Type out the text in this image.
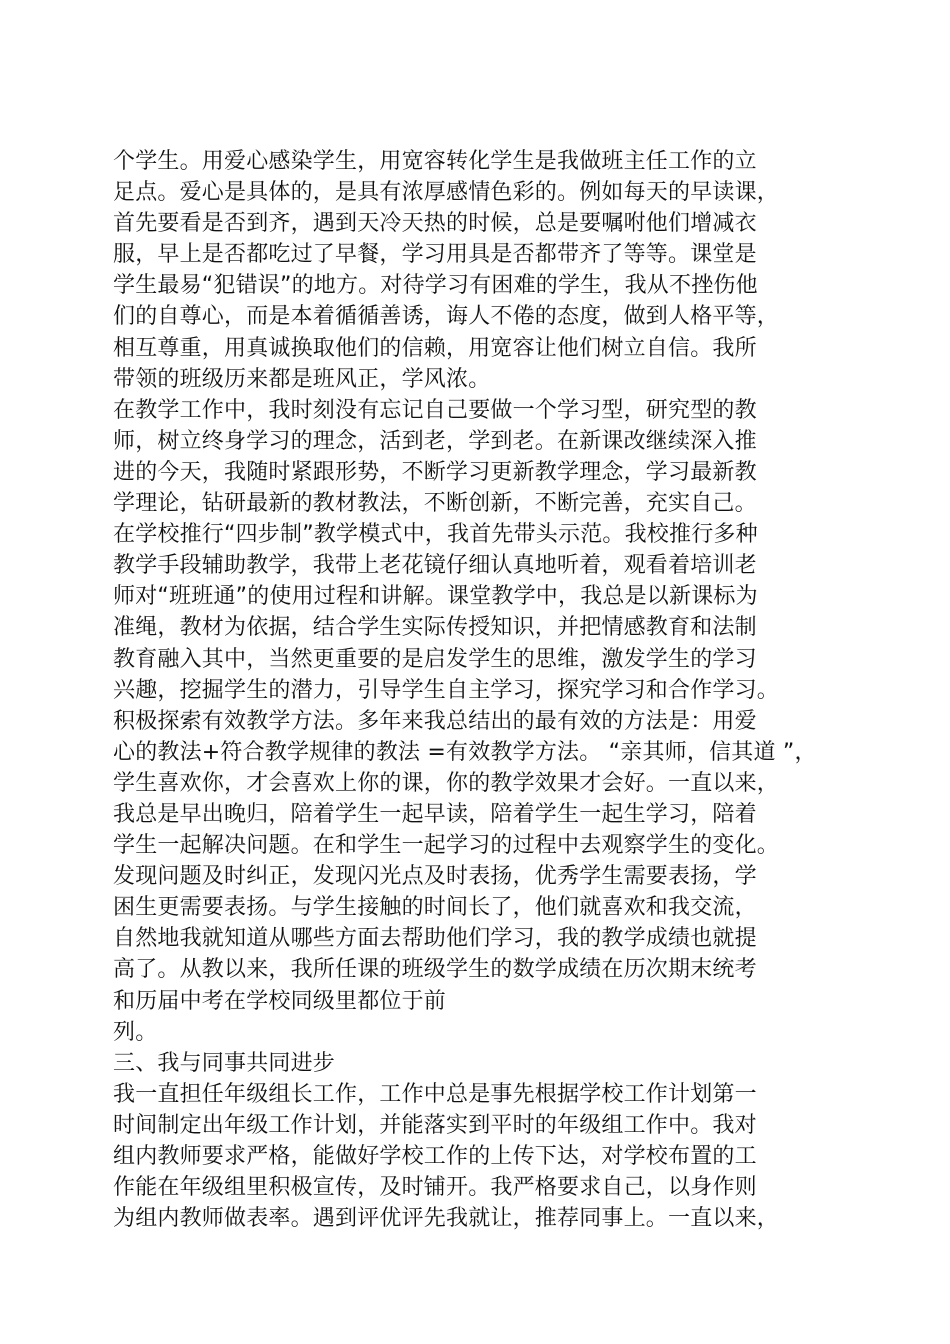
个学生。用爱心感染学生，用宽容转化学生是我做班主任工作的立
足点。爱心是具体的，是具有浓厚感情色彩的。例如每天的早读课，
首先要看是否到齐，遇到天冷天热的时候，总是要嘱咐他们增减衣
服，早上是否都吃过了早餐，学习用具是否都带齐了等等。课堂是
学生最易“犯错误”的地方。对待学习有困难的学生，我从不挫伤他
们的自尊心，而是本着循循善诱，诲人不倦的态度，做到人格平等，
相互尊重，用真诚换取他们的信赖，用宽容让他们树立自信。我所
带领的班级历来都是班风正，学风浓。
在教学工作中，我时刻没有忘记自己要做一个学习型，研究型的教
师，树立终身学习的理念，活到老，学到老。在新课改继续深入推
进的今天，我随时紧跟形势，不断学习更新教学理念，学习最新教
学理论，钻研最新的教材教法，不断创新，不断完善，充实自己。
在学校推行“四步制”教学模式中，我首先带头示范。我校推行多种
教学手段辅助教学，我带上老花镜仔细认真地听着，观看着培训老
师对“班班通”的使用过程和讲解。课堂教学中，我总是以新课标为
准绳，教材为依据，结合学生实际传授知识，并把情感教育和法制
教育融入其中，当然更重要的是启发学生的思维，激发学生的学习
兴趣，挖掘学生的潜力，引导学生自主学习，探究学习和合作学习。
积极探索有效教学方法。多年来我总结出的最有效的方法是：用爱
心的教法+符合教学规律的教法 =有效教学方法。 “亲其师，信其道 ”，
学生喜欢你，才会喜欢上你的课，你的教学效果才会好。一直以来，
我总是早出晚归，陪着学生一起早读，陪着学生一起生学习，陪着
学生一起解决问题。在和学生一起学习的过程中去观察学生的变化。
发现问题及时纠正，发现闪光点及时表扬，优秀学生需要表扬，学
困生更需要表扬。与学生接触的时间长了，他们就喜欢和我交流，
自然地我就知道从哪些方面去帮助他们学习，我的教学成绩也就提
高了。从教以来，我所任课的班级学生的数学成绩在历次期末统考
和历届中考在学校同级里都位于前
列。
三、我与同事共同进步
我一直担任年级组长工作，工作中总是事先根据学校工作计划第一
时间制定出年级工作计划，并能落实到平时的年级组工作中。我对
组内教师要求严格，能做好学校工作的上传下达，对学校布置的工
作能在年级组里积极宣传，及时铺开。我严格要求自己，以身作则
为组内教师做表率。遇到评优评先我就让，推荐同事上。一直以来，
